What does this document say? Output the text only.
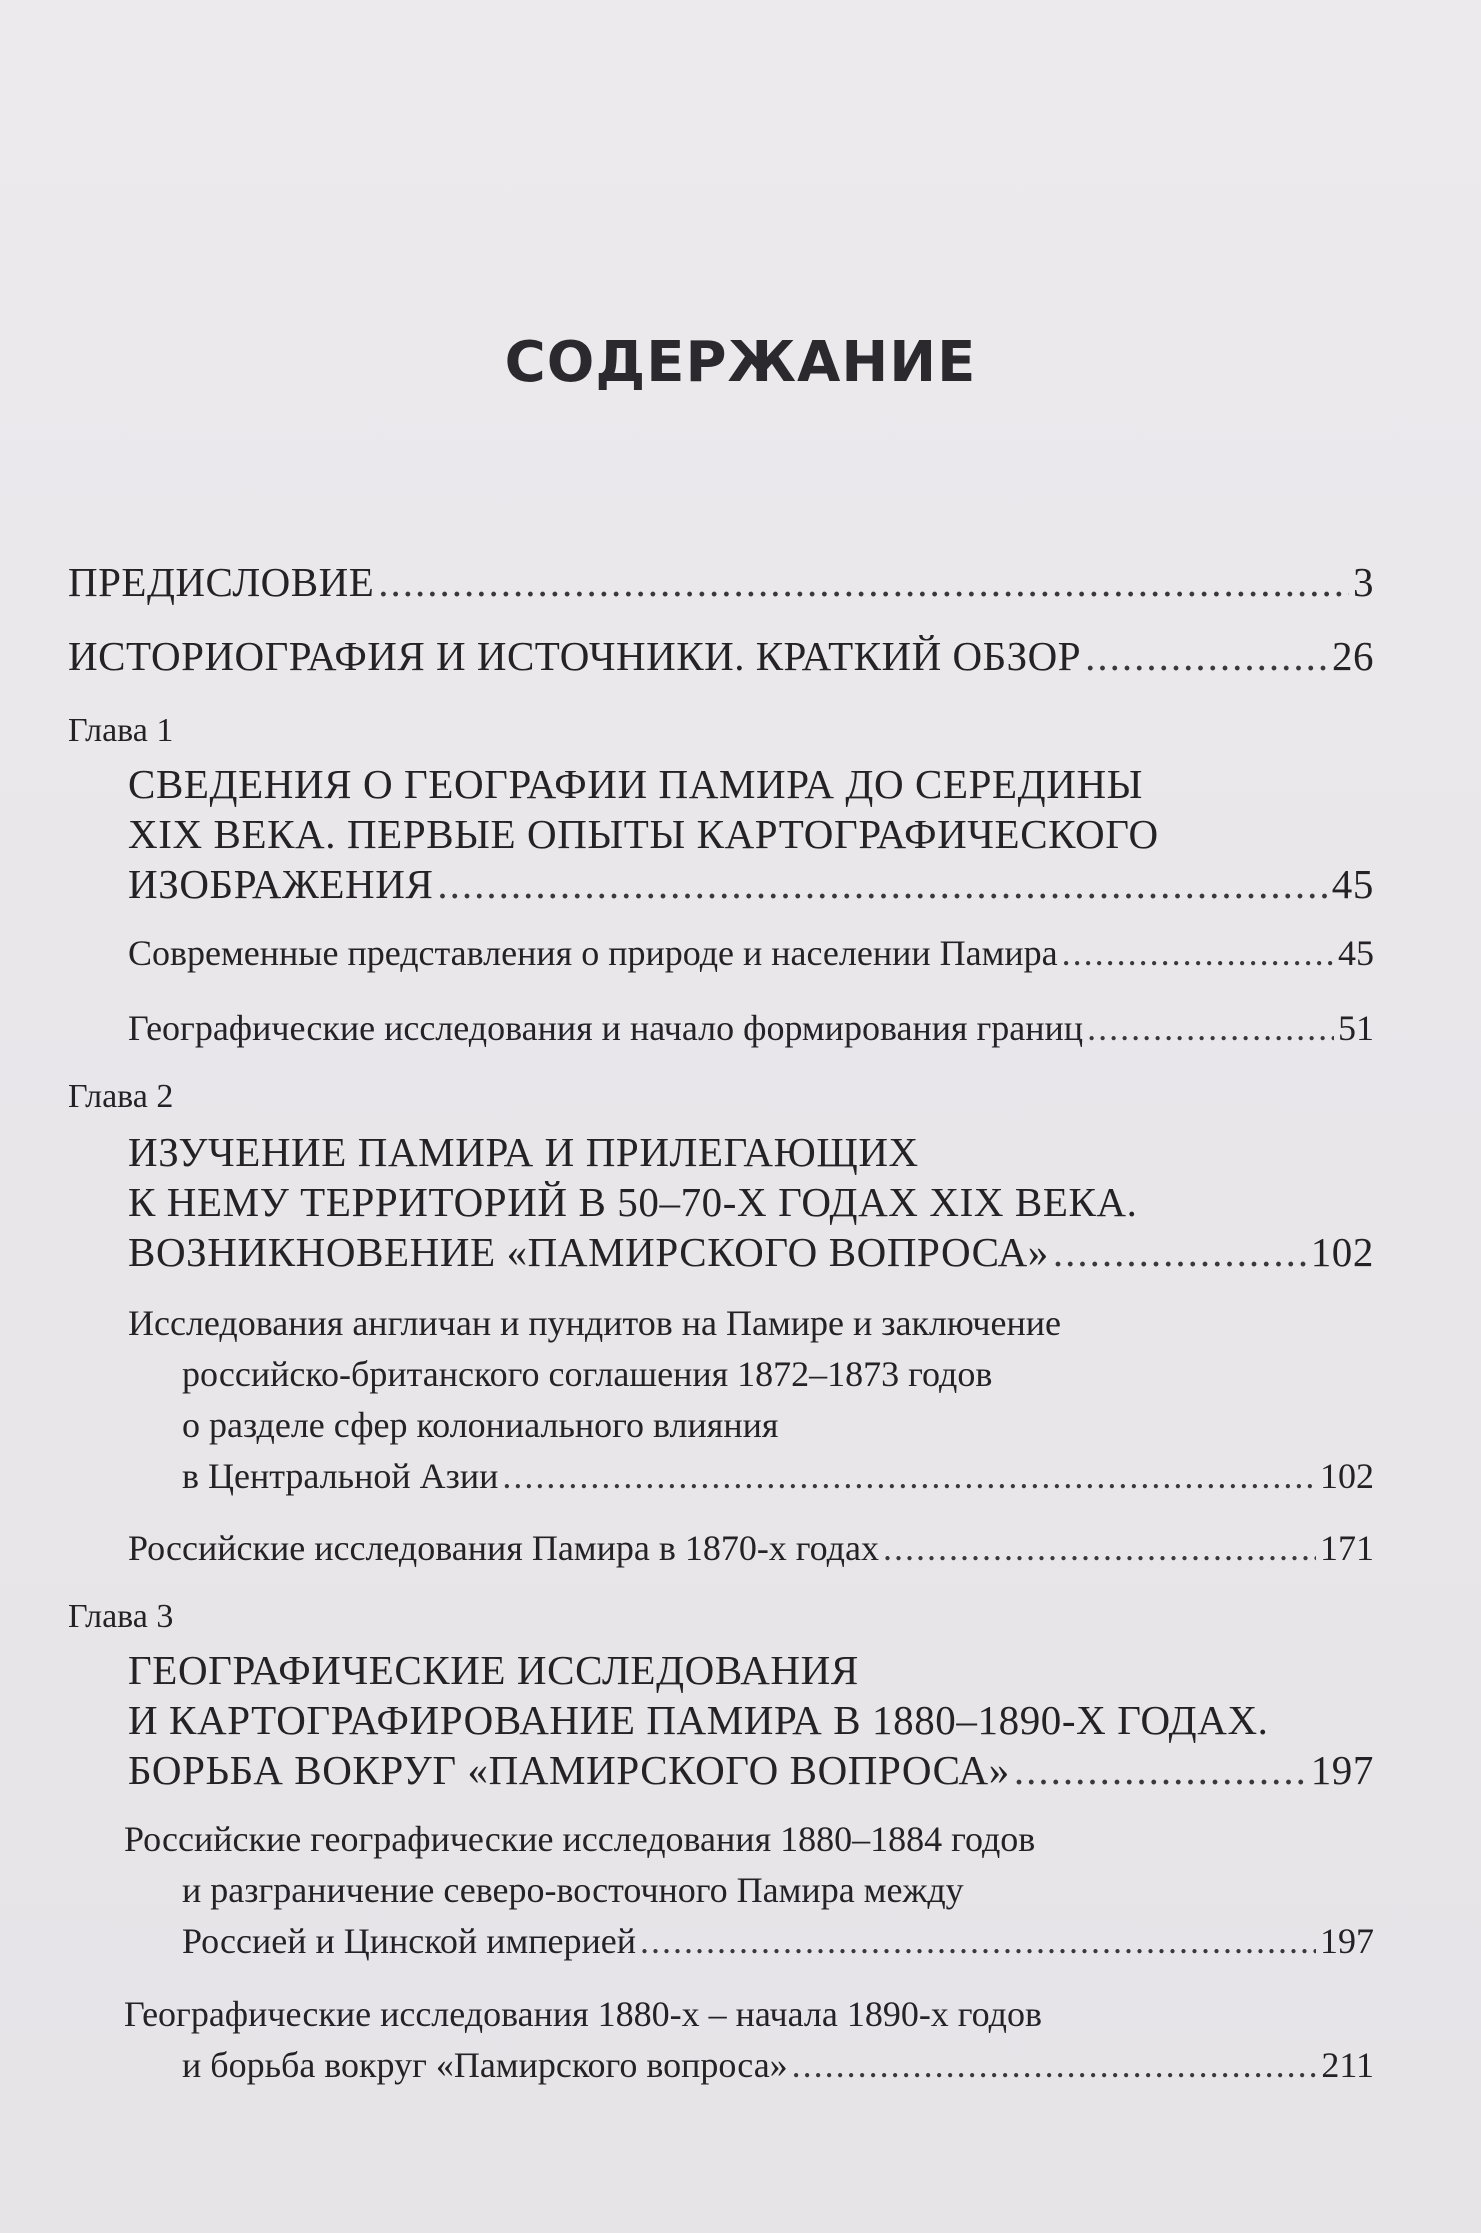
СОДЕРЖАНИЕ
ПРЕДИСЛОВИЕ .....	3
ИСТОРИОГРАФИЯ И ИСТОЧНИКИ. КРАТКИЙ ОБЗОР .....	26
Глава 1
СВЕДЕНИЯ О ГЕОГРАФИИ ПАМИРА ДО СЕРЕДИНЫ
XIX ВЕКА. ПЕРВЫЕ ОПЫТЫ КАРТОГРАФИЧЕСКОГО
ИЗОБРАЖЕНИЯ .....	45
Современные представления о природе и населении Памира .....	45
Географические исследования и начало формирования границ .....	51
Глава 2
ИЗУЧЕНИЕ ПАМИРА И ПРИЛЕГАЮЩИХ
К НЕМУ ТЕРРИТОРИЙ В 50–70-Х ГОДАХ XIX ВЕКА.
ВОЗНИКНОВЕНИЕ «ПАМИРСКОГО ВОПРОСА» .....	102
Исследования англичан и пундитов на Памире и заключение
российско-британского соглашения 1872–1873 годов
о разделе сфер колониального влияния
в Центральной Азии .....	102
Российские исследования Памира в 1870-х годах .....	171
Глава 3
ГЕОГРАФИЧЕСКИЕ ИССЛЕДОВАНИЯ
И КАРТОГРАФИРОВАНИЕ ПАМИРА В 1880–1890-Х ГОДАХ.
БОРЬБА ВОКРУГ «ПАМИРСКОГО ВОПРОСА» .....	197
Российские географические исследования 1880–1884 годов
и разграничение северо-восточного Памира между
Россией и Цинской империей .....	197
Географические исследования 1880-х – начала 1890-х годов
и борьба вокруг «Памирского вопроса» .....	211
